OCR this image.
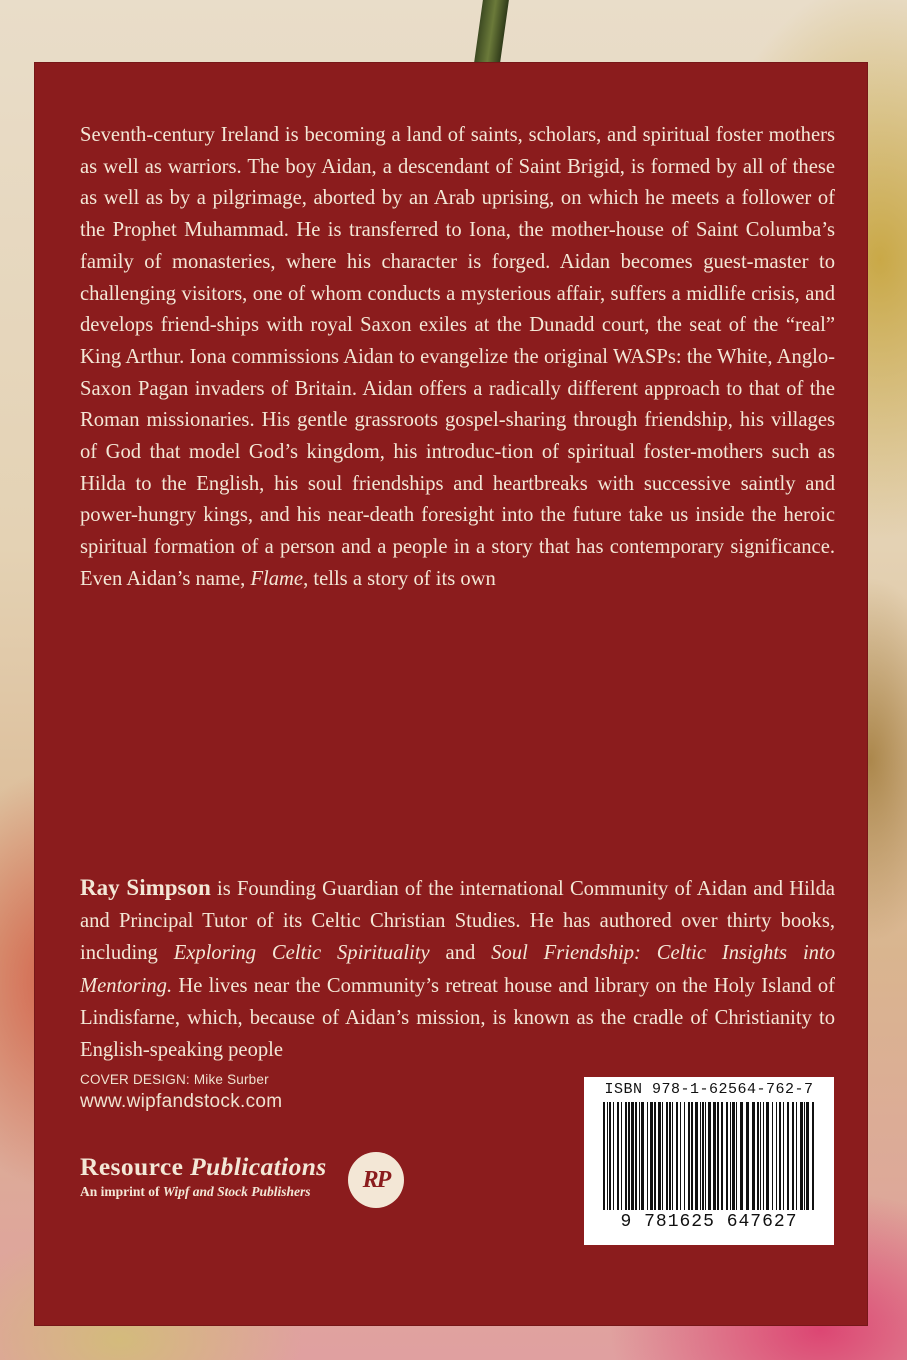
Seventh-century Ireland is becoming a land of saints, scholars, and spiritual foster mothers as well as warriors. The boy Aidan, a descendant of Saint Brigid, is formed by all of these as well as by a pilgrimage, aborted by an Arab uprising, on which he meets a follower of the Prophet Muhammad. He is transferred to Iona, the mother-house of Saint Columba’s family of monasteries, where his character is forged. Aidan becomes guest-master to challenging visitors, one of whom conducts a mysterious affair, suffers a midlife crisis, and develops friend-ships with royal Saxon exiles at the Dunadd court, the seat of the “real” King Arthur. Iona commissions Aidan to evangelize the original WASPs: the White, Anglo-Saxon Pagan invaders of Britain. Aidan offers a radically different approach to that of the Roman missionaries. His gentle grassroots gospel-sharing through friendship, his villages of God that model God’s kingdom, his introduc-tion of spiritual foster-mothers such as Hilda to the English, his soul friendships and heartbreaks with successive saintly and power-hungry kings, and his near-death foresight into the future take us inside the heroic spiritual formation of a person and a people in a story that has contemporary significance. Even Aidan’s name, Flame, tells a story of its own

Ray Simpson is Founding Guardian of the international Community of Aidan and Hilda and Principal Tutor of its Celtic Christian Studies. He has authored over thirty books, including Exploring Celtic Spirituality and Soul Friendship: Celtic Insights into Mentoring. He lives near the Community’s retreat house and library on the Holy Island of Lindisfarne, which, because of Aidan’s mission, is known as the cradle of Christianity to English-speaking people

COVER DESIGN: Mike Surber
www.wipfandstock.com
Resource Publications
An imprint of Wipf and Stock Publishers	RP
ISBN 978-1-62564-762-7
9 781625 647627
